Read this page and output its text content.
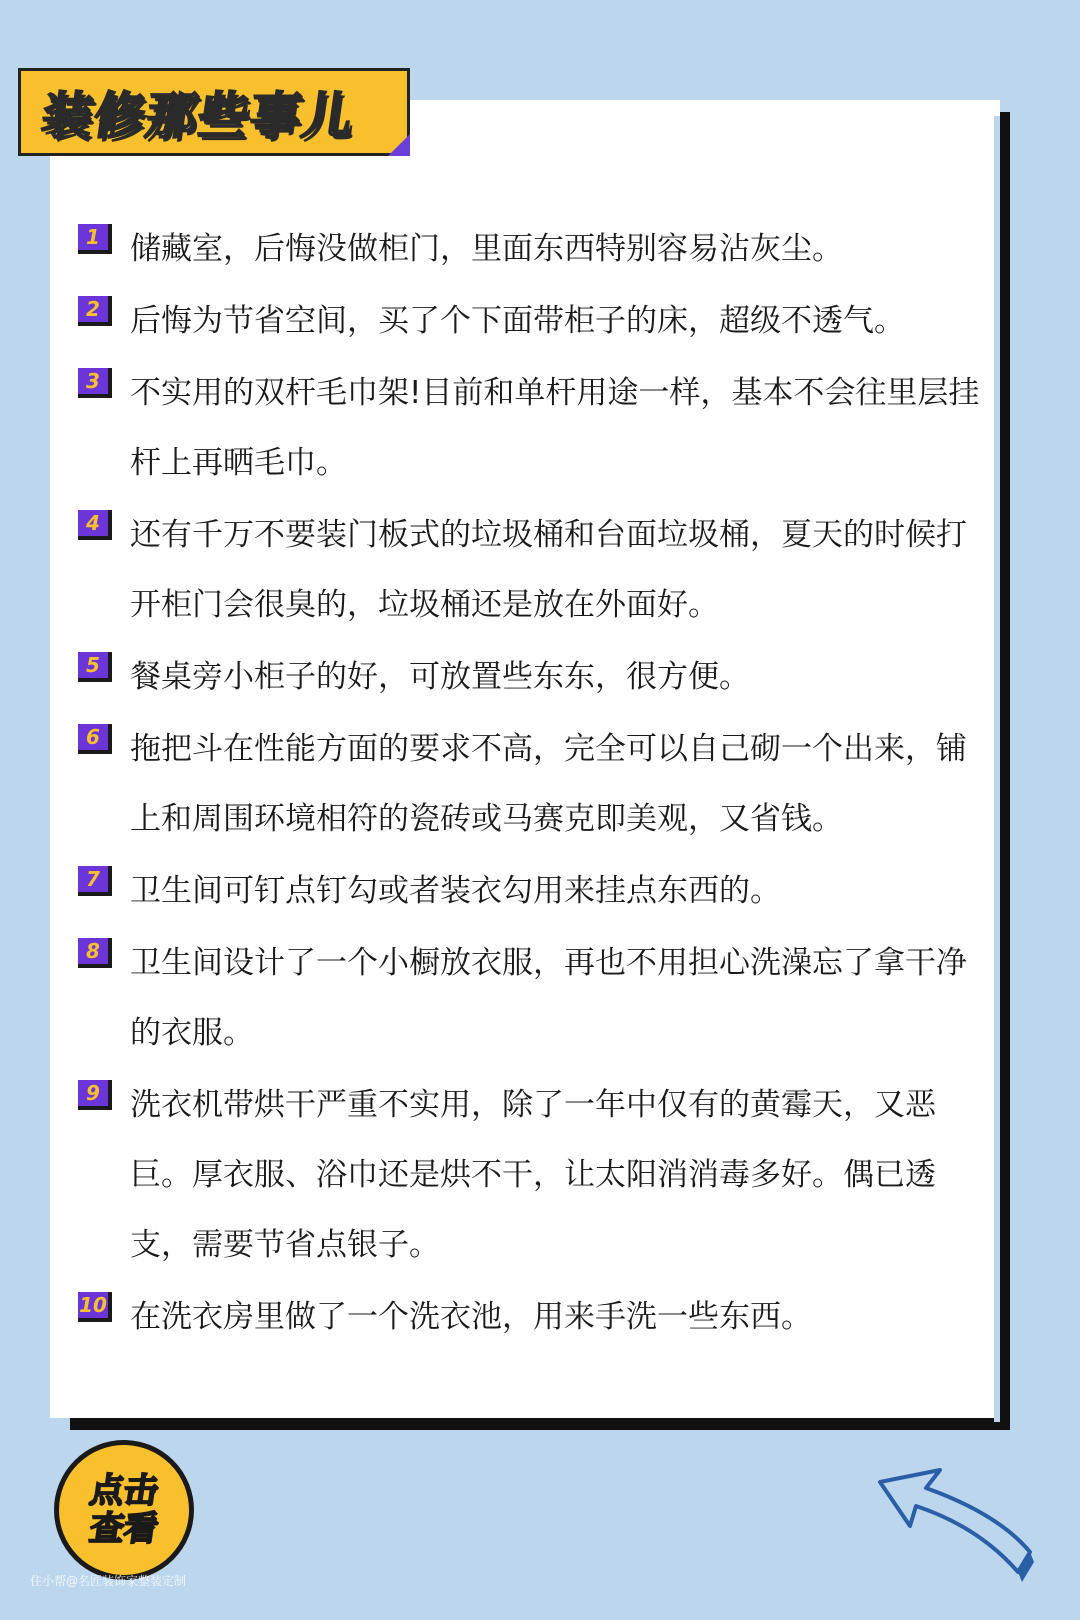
装修那些事儿
1 储藏室，后悔没做柜门，里面东西特别容易沾灰尘。
2 后悔为节省空间，买了个下面带柜子的床，超级不透气。
3 不实用的双杆毛巾架!目前和单杆用途一样，基本不会往里层挂杆上再晒毛巾。
4 还有千万不要装门板式的垃圾桶和台面垃圾桶，夏天的时候打开柜门会很臭的，垃圾桶还是放在外面好。
5 餐桌旁小柜子的好，可放置些东东，很方便。
6 拖把斗在性能方面的要求不高，完全可以自己砌一个出来，铺上和周围环境相符的瓷砖或马赛克即美观，又省钱。
7 卫生间可钉点钉勾或者装衣勾用来挂点东西的。
8 卫生间设计了一个小橱放衣服，再也不用担心洗澡忘了拿干净的衣服。
9 洗衣机带烘干严重不实用，除了一年中仅有的黄霉天，又恶巨。厚衣服、浴巾还是烘不干，让太阳消消毒多好。偶已透支，需要节省点银子。
10 在洗衣房里做了一个洗衣池，用来手洗一些东西。
点击
查看
住小帮@名匠装饰家整装定制
